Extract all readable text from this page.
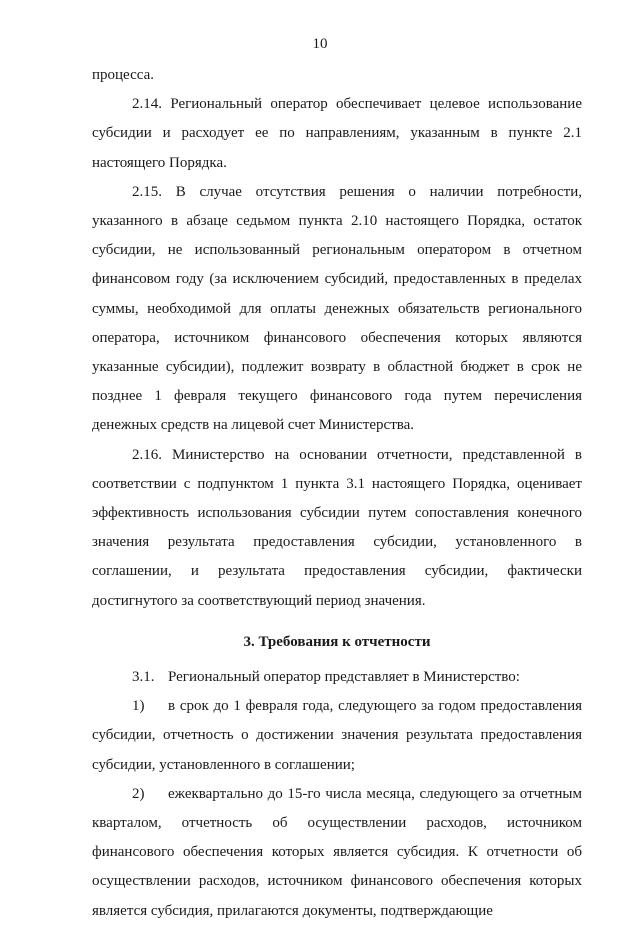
10

процесса.

2.14. Региональный оператор обеспечивает целевое использование субсидии и расходует ее по направлениям, указанным в пункте 2.1 настоящего Порядка.

2.15. В случае отсутствия решения о наличии потребности, указанного в абзаце седьмом пункта 2.10 настоящего Порядка, остаток субсидии, не использованный региональным оператором в отчетном финансовом году (за исключением субсидий, предоставленных в пределах суммы, необходимой для оплаты денежных обязательств регионального оператора, источником финансового обеспечения которых являются указанные субсидии), подлежит возврату в областной бюджет в срок не позднее 1 февраля текущего финансового года путем перечисления денежных средств на лицевой счет Министерства.

2.16. Министерство на основании отчетности, представленной в соответствии с подпунктом 1 пункта 3.1 настоящего Порядка, оценивает эффективность использования субсидии путем сопоставления конечного значения результата предоставления субсидии, установленного в соглашении, и результата предоставления субсидии, фактически достигнутого за соответствующий период значения.

3. Требования к отчетности

3.1. Региональный оператор представляет в Министерство:

1) в срок до 1 февраля года, следующего за годом предоставления субсидии, отчетность о достижении значения результата предоставления субсидии, установленного в соглашении;

2) ежеквартально до 15-го числа месяца, следующего за отчетным кварталом, отчетность об осуществлении расходов, источником финансового обеспечения которых является субсидия. К отчетности об осуществлении расходов, источником финансового обеспечения которых является субсидия, прилагаются документы, подтверждающие
